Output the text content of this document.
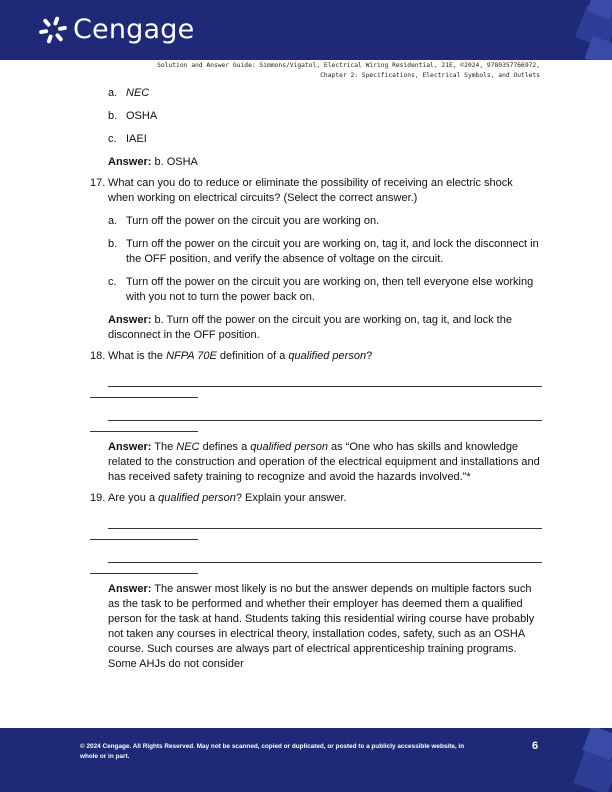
Cengage
Solution and Answer Guide: Simmons/Vigatol, Electrical Wiring Residential, 21E, ©2024, 9780357766972,
Chapter 2: Specifications, Electrical Symbols, and Outlets
a. NEC
b. OSHA
c. IAEI
Answer: b. OSHA
17. What can you do to reduce or eliminate the possibility of receiving an electric shock when working on electrical circuits? (Select the correct answer.)
a. Turn off the power on the circuit you are working on.
b. Turn off the power on the circuit you are working on, tag it, and lock the disconnect in the OFF position, and verify the absence of voltage on the circuit.
c. Turn off the power on the circuit you are working on, then tell everyone else working with you not to turn the power back on.
Answer: b. Turn off the power on the circuit you are working on, tag it, and lock the disconnect in the OFF position.
18. What is the NFPA 70E definition of a qualified person?
Answer: The NEC defines a qualified person as “One who has skills and knowledge related to the construction and operation of the electrical equipment and installations and has received safety training to recognize and avoid the hazards involved.”*
19. Are you a qualified person? Explain your answer.
Answer: The answer most likely is no but the answer depends on multiple factors such as the task to be performed and whether their employer has deemed them a qualified person for the task at hand. Students taking this residential wiring course have probably not taken any courses in electrical theory, installation codes, safety, such as an OSHA course. Such courses are always part of electrical apprenticeship training programs. Some AHJs do not consider
© 2024 Cengage. All Rights Reserved. May not be scanned, copied or duplicated, or posted to a publicly accessible website, in whole or in part.
6
